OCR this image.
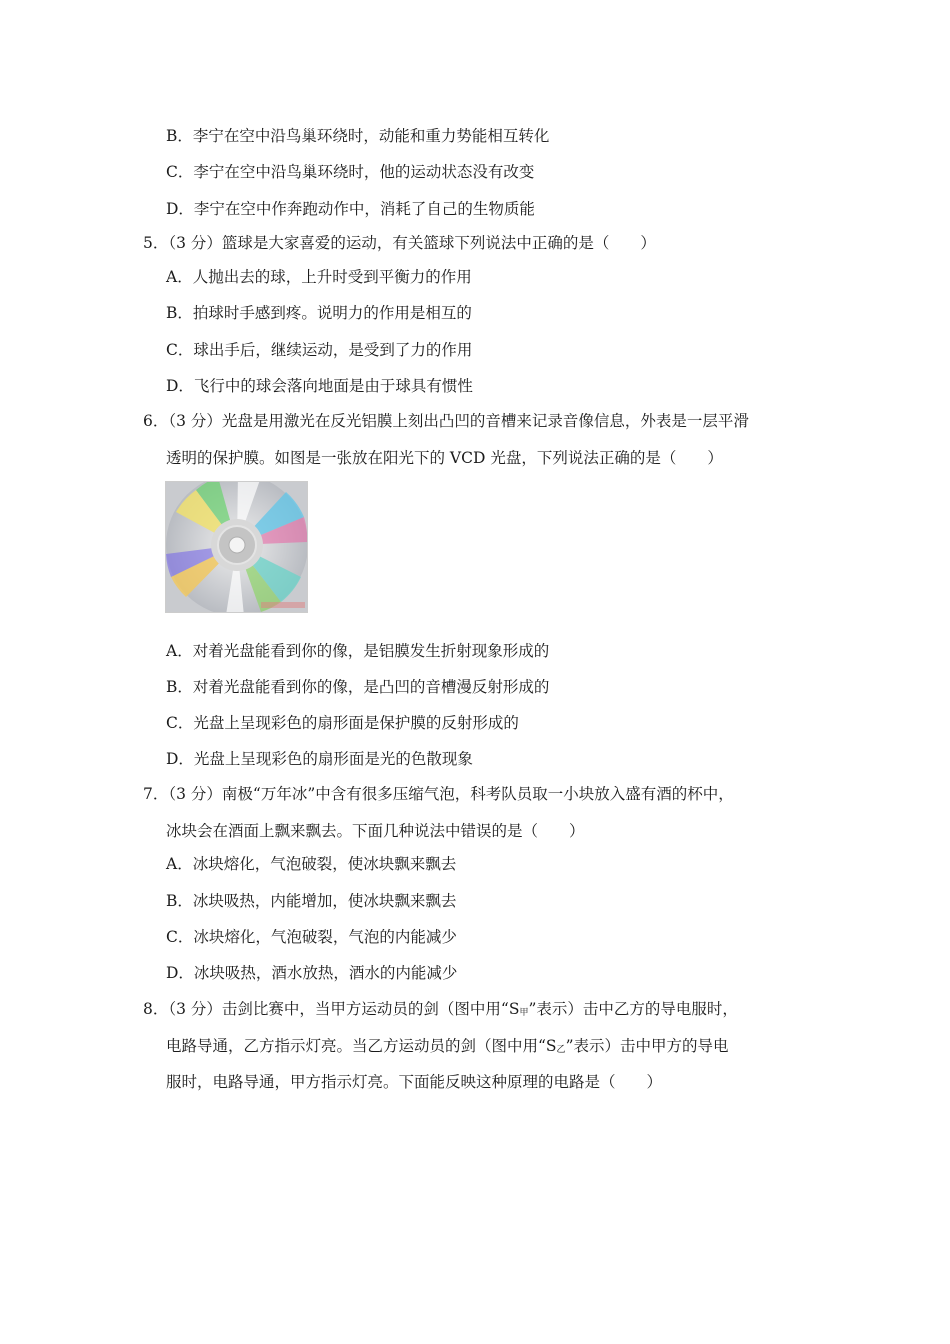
B．李宁在空中沿鸟巢环绕时，动能和重力势能相互转化
C．李宁在空中沿鸟巢环绕时，他的运动状态没有改变
D．李宁在空中作奔跑动作中，消耗了自己的生物质能
5．（3 分）篮球是大家喜爱的运动，有关篮球下列说法中正确的是（　　）
A．人抛出去的球，上升时受到平衡力的作用
B．拍球时手感到疼。说明力的作用是相互的
C．球出手后，继续运动，是受到了力的作用
D．飞行中的球会落向地面是由于球具有惯性
6．（3 分）光盘是用激光在反光铝膜上刻出凸凹的音槽来记录音像信息，外表是一层平滑
透明的保护膜。如图是一张放在阳光下的 VCD 光盘，下列说法正确的是（　　）
A．对着光盘能看到你的像，是铝膜发生折射现象形成的
B．对着光盘能看到你的像，是凸凹的音槽漫反射形成的
C．光盘上呈现彩色的扇形面是保护膜的反射形成的
D．光盘上呈现彩色的扇形面是光的色散现象
7．（3 分）南极“万年冰”中含有很多压缩气泡，科考队员取一小块放入盛有酒的杯中，
冰块会在酒面上飘来飘去。下面几种说法中错误的是（　　）
A．冰块熔化，气泡破裂，使冰块飘来飘去
B．冰块吸热，内能增加，使冰块飘来飘去
C．冰块熔化，气泡破裂，气泡的内能减少
D．冰块吸热，酒水放热，酒水的内能减少
8．（3 分）击剑比赛中，当甲方运动员的剑（图中用“$S_甲$”表示）击中乙方的导电服时，
电路导通，乙方指示灯亮。当乙方运动员的剑（图中用“$S_乙$”表示）击中甲方的导电
服时，电路导通，甲方指示灯亮。下面能反映这种原理的电路是（　　）
